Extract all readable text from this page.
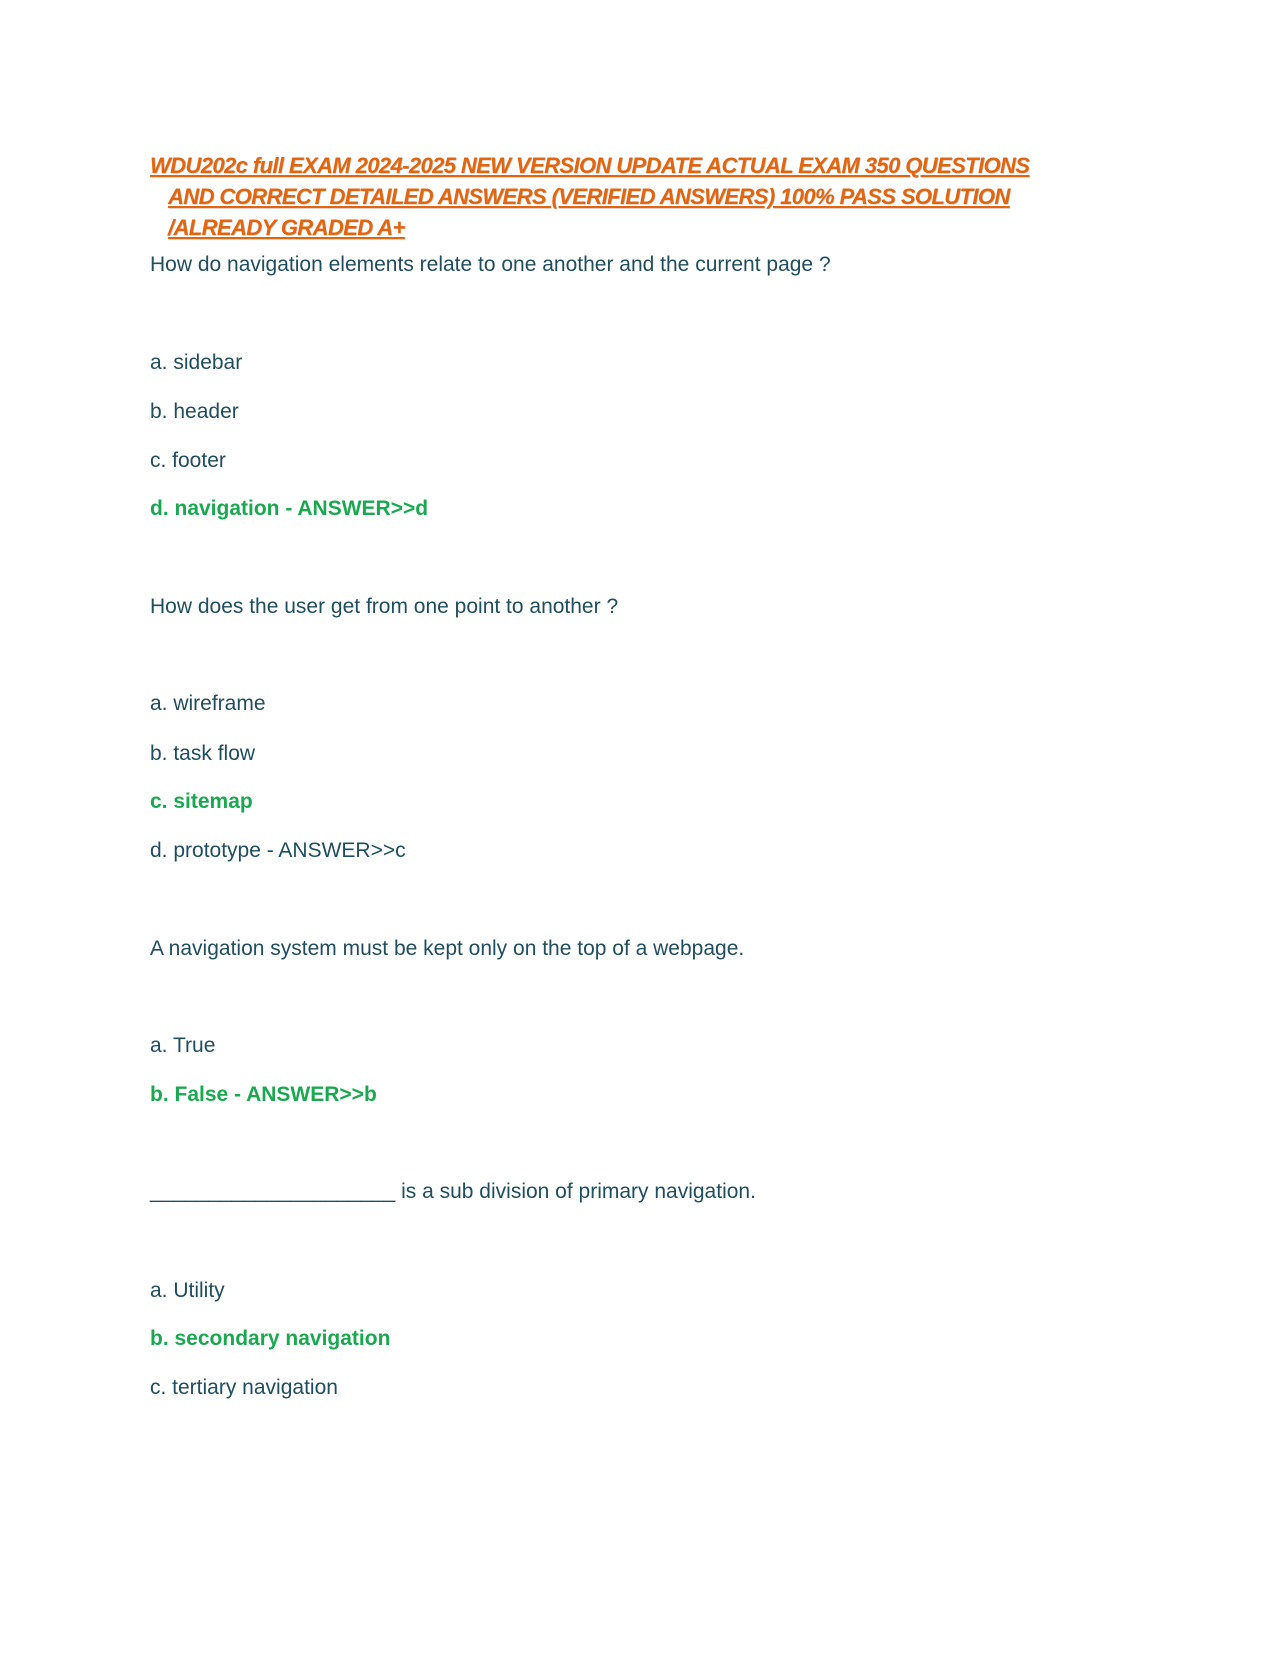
WDU202c full EXAM 2024-2025 NEW VERSION UPDATE ACTUAL EXAM 350 QUESTIONS
AND CORRECT DETAILED ANSWERS (VERIFIED ANSWERS) 100% PASS SOLUTION
/ALREADY GRADED A+
How do navigation elements relate to one another and the current page ?
a. sidebar
b. header
c. footer
d. navigation - ANSWER>>d
How does the user get from one point to another ?
a. wireframe
b. task flow
c. sitemap
d. prototype - ANSWER>>c
A navigation system must be kept only on the top of a webpage.
a. True
b. False - ANSWER>>b
_____________________ is a sub division of primary navigation.
a. Utility
b. secondary navigation
c. tertiary navigation
